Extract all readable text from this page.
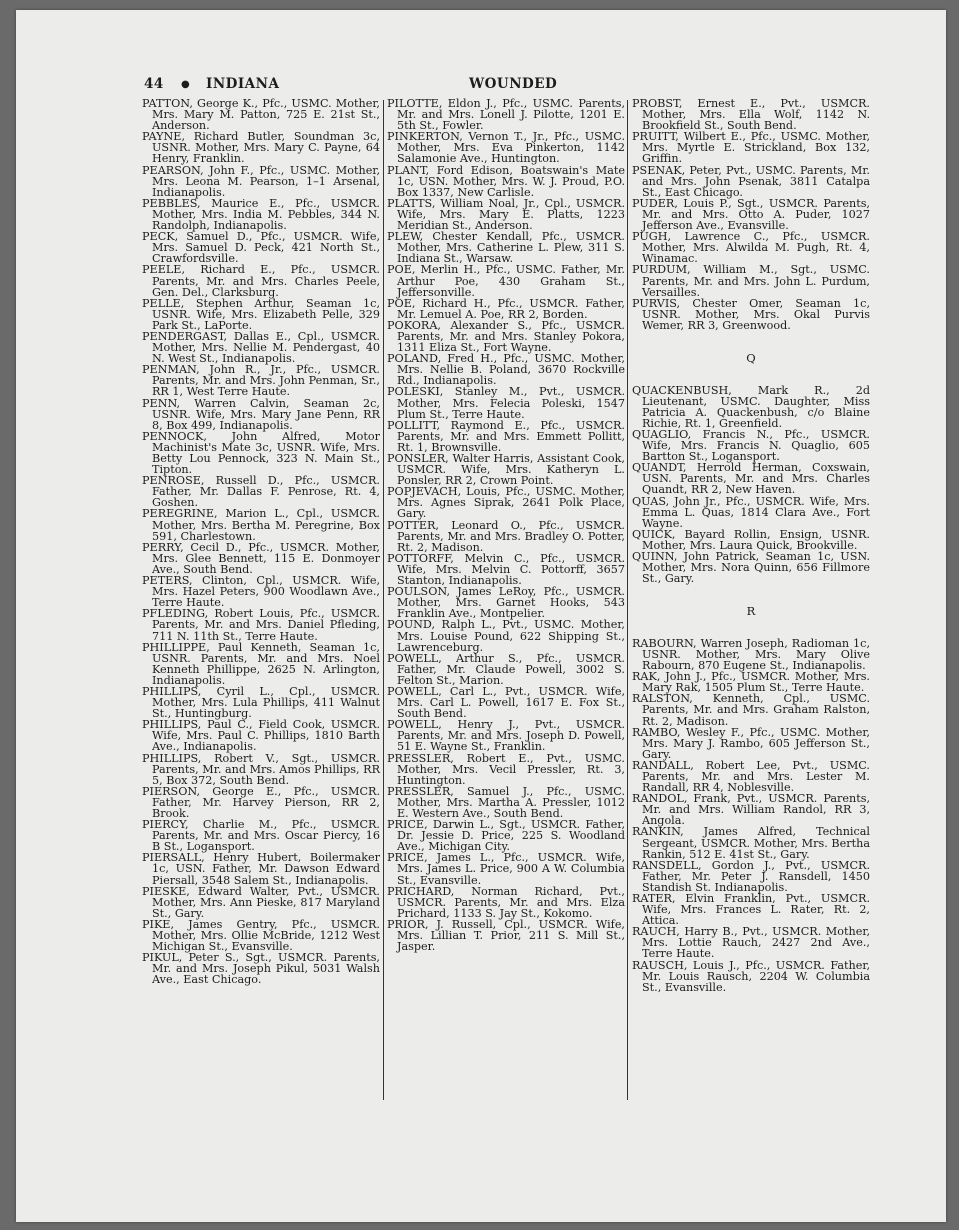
44 ● INDIANA	WOUNDED
PATTON, George K., Pfc., USMC. Mother, Mrs. Mary M. Patton, 725 E. 21st St., Anderson.
PAYNE, Richard Butler, Soundman 3c, USNR. Mother, Mrs. Mary C. Payne, 64 Henry, Franklin.
PEARSON, John F., Pfc., USMC. Mother, Mrs. Leona M. Pearson, 1–1 Arsenal, Indianapolis.
PEBBLES, Maurice E., Pfc., USMCR. Mother, Mrs. India M. Pebbles, 344 N. Randolph, Indianapolis.
PECK, Samuel D., Pfc., USMCR. Wife, Mrs. Samuel D. Peck, 421 North St., Crawfordsville.
PEELE, Richard E., Pfc., USMCR. Parents, Mr. and Mrs. Charles Peele, Gen. Del., Clarksburg.
PELLE, Stephen Arthur, Seaman 1c, USNR. Wife, Mrs. Elizabeth Pelle, 329 Park St., LaPorte.
PENDERGAST, Dallas E., Cpl., USMCR. Mother, Mrs. Nellie M. Pendergast, 40 N. West St., Indianapolis.
PENMAN, John R., Jr., Pfc., USMCR. Parents, Mr. and Mrs. John Penman, Sr., RR 1, West Terre Haute.
PENN, Warren Calvin, Seaman 2c, USNR. Wife, Mrs. Mary Jane Penn, RR 8, Box 499, Indianapolis.
PENNOCK, John Alfred, Motor Machinist's Mate 3c, USNR. Wife, Mrs. Betty Lou Pennock, 323 N. Main St., Tipton.
PENROSE, Russell D., Pfc., USMCR. Father, Mr. Dallas F. Penrose, Rt. 4, Goshen.
PEREGRINE, Marion L., Cpl., USMCR. Mother, Mrs. Bertha M. Peregrine, Box 591, Charlestown.
PERRY, Cecil D., Pfc., USMCR. Mother, Mrs. Glee Bennett, 115 E. Donmoyer Ave., South Bend.
PETERS, Clinton, Cpl., USMCR. Wife, Mrs. Hazel Peters, 900 Woodlawn Ave., Terre Haute.
PFLEDING, Robert Louis, Pfc., USMCR. Parents, Mr. and Mrs. Daniel Pfleding, 711 N. 11th St., Terre Haute.
PHILLIPPE, Paul Kenneth, Seaman 1c, USNR. Parents, Mr. and Mrs. Noel Kenneth Phillippe, 2625 N. Arlington, Indianapolis.
PHILLIPS, Cyril L., Cpl., USMCR. Mother, Mrs. Lula Phillips, 411 Walnut St., Huntingburg.
PHILLIPS, Paul C., Field Cook, USMCR. Wife, Mrs. Paul C. Phillips, 1810 Barth Ave., Indianapolis.
PHILLIPS, Robert V., Sgt., USMCR. Parents, Mr. and Mrs. Amos Phillips, RR 5, Box 372, South Bend.
PIERSON, George E., Pfc., USMCR. Father, Mr. Harvey Pierson, RR 2, Brook.
PIERCY, Charlie M., Pfc., USMCR. Parents, Mr. and Mrs. Oscar Piercy, 16 B St., Logansport.
PIERSALL, Henry Hubert, Boilermaker 1c, USN. Father, Mr. Dawson Edward Piersall, 3548 Salem St., Indianapolis.
PIESKE, Edward Walter, Pvt., USMCR. Mother, Mrs. Ann Pieske, 817 Maryland St., Gary.
PIKE, James Gentry, Pfc., USMCR. Mother, Mrs. Ollie McBride, 1212 West Michigan St., Evansville.
PIKUL, Peter S., Sgt., USMCR. Parents, Mr. and Mrs. Joseph Pikul, 5031 Walsh Ave., East Chicago.
PILOTTE, Eldon J., Pfc., USMC. Parents, Mr. and Mrs. Lonell J. Pilotte, 1201 E. 5th St., Fowler.
PINKERTON, Vernon T., Jr., Pfc., USMC. Mother, Mrs. Eva Pinkerton, 1142 Salamonie Ave., Huntington.
PLANT, Ford Edison, Boatswain's Mate 1c, USN. Mother, Mrs. W. J. Proud, P.O. Box 1337, New Carlisle.
PLATTS, William Noal, Jr., Cpl., USMCR. Wife, Mrs. Mary E. Platts, 1223 Meridian St., Anderson.
PLEW, Chester Kendall, Pfc., USMCR. Mother, Mrs. Catherine L. Plew, 311 S. Indiana St., Warsaw.
POE, Merlin H., Pfc., USMC. Father, Mr. Arthur Poe, 430 Graham St., Jeffersonville.
POE, Richard H., Pfc., USMCR. Father, Mr. Lemuel A. Poe, RR 2, Borden.
POKORA, Alexander S., Pfc., USMCR. Parents, Mr. and Mrs. Stanley Pokora, 1311 Eliza St., Fort Wayne.
POLAND, Fred H., Pfc., USMC. Mother, Mrs. Nellie B. Poland, 3670 Rockville Rd., Indianapolis.
POLESKI, Stanley M., Pvt., USMCR. Mother, Mrs. Felecia Poleski, 1547 Plum St., Terre Haute.
POLLITT, Raymond E., Pfc., USMCR. Parents, Mr. and Mrs. Emmett Pollitt, Rt. 1, Brownsville.
PONSLER, Walter Harris, Assistant Cook, USMCR. Wife, Mrs. Katheryn L. Ponsler, RR 2, Crown Point.
POPJEVACH, Louis, Pfc., USMC. Mother, Mrs. Agnes Siprak, 2641 Polk Place, Gary.
POTTER, Leonard O., Pfc., USMCR. Parents, Mr. and Mrs. Bradley O. Potter, Rt. 2, Madison.
POTTORFF, Melvin C., Pfc., USMCR. Wife, Mrs. Melvin C. Pottorff, 3657 Stanton, Indianapolis.
POULSON, James LeRoy, Pfc., USMCR. Mother, Mrs. Garnet Hooks, 543 Franklin Ave., Montpelier.
POUND, Ralph L., Pvt., USMC. Mother, Mrs. Louise Pound, 622 Shipping St., Lawrenceburg.
POWELL, Arthur S., Pfc., USMCR. Father, Mr. Claude Powell, 3002 S. Felton St., Marion.
POWELL, Carl L., Pvt., USMCR. Wife, Mrs. Carl L. Powell, 1617 E. Fox St., South Bend.
POWELL, Henry J., Pvt., USMCR. Parents, Mr. and Mrs. Joseph D. Powell, 51 E. Wayne St., Franklin.
PRESSLER, Robert E., Pvt., USMC. Mother, Mrs. Vecil Pressler, Rt. 3, Huntington.
PRESSLER, Samuel J., Pfc., USMC. Mother, Mrs. Martha A. Pressler, 1012 E. Western Ave., South Bend.
PRICE, Darwin L., Sgt., USMCR. Father, Dr. Jessie D. Price, 225 S. Woodland Ave., Michigan City.
PRICE, James L., Pfc., USMCR. Wife, Mrs. James L. Price, 900 A W. Columbia St., Evansville.
PRICHARD, Norman Richard, Pvt., USMCR. Parents, Mr. and Mrs. Elza Prichard, 1133 S. Jay St., Kokomo.
PRIOR, J. Russell, Cpl., USMCR. Wife, Mrs. Lillian T. Prior, 211 S. Mill St., Jasper.
PROBST, Ernest E., Pvt., USMCR. Mother, Mrs. Ella Wolf, 1142 N. Brookfield St., South Bend.
PRUITT, Wilbert E., Pfc., USMC. Mother, Mrs. Myrtle E. Strickland, Box 132, Griffin.
PSENAK, Peter, Pvt., USMC. Parents, Mr. and Mrs. John Psenak, 3811 Catalpa St., East Chicago.
PUDER, Louis P., Sgt., USMCR. Parents, Mr. and Mrs. Otto A. Puder, 1027 Jefferson Ave., Evansville.
PUGH, Lawrence C., Pfc., USMCR. Mother, Mrs. Alwilda M. Pugh, Rt. 4, Winamac.
PURDUM, William M., Sgt., USMC. Parents, Mr. and Mrs. John L. Purdum, Versailles.
PURVIS, Chester Omer, Seaman 1c, USNR. Mother, Mrs. Okal Purvis Wemer, RR 3, Greenwood.
Q
QUACKENBUSH, Mark R., 2d Lieutenant, USMC. Daughter, Miss Patricia A. Quackenbush, c/o Blaine Richie, Rt. 1, Greenfield.
QUAGLIO, Francis N., Pfc., USMCR. Wife, Mrs. Francis N. Quaglio, 605 Bartton St., Logansport.
QUANDT, Herrold Herman, Coxswain, USN. Parents, Mr. and Mrs. Charles Quandt, RR 2, New Haven.
QUAS, John Jr., Pfc., USMCR. Wife, Mrs. Emma L. Quas, 1814 Clara Ave., Fort Wayne.
QUICK, Bayard Rollin, Ensign, USNR. Mother, Mrs. Laura Quick, Brookville.
QUINN, John Patrick, Seaman 1c, USN. Mother, Mrs. Nora Quinn, 656 Fillmore St., Gary.
R
RABOURN, Warren Joseph, Radioman 1c, USNR. Mother, Mrs. Mary Olive Rabourn, 870 Eugene St., Indianapolis.
RAK, John J., Pfc., USMCR. Mother, Mrs. Mary Rak, 1505 Plum St., Terre Haute.
RALSTON, Kenneth, Cpl., USMC. Parents, Mr. and Mrs. Graham Ralston, Rt. 2, Madison.
RAMBO, Wesley F., Pfc., USMC. Mother, Mrs. Mary J. Rambo, 605 Jefferson St., Gary.
RANDALL, Robert Lee, Pvt., USMC. Parents, Mr. and Mrs. Lester M. Randall, RR 4, Noblesville.
RANDOL, Frank, Pvt., USMCR. Parents, Mr. and Mrs. William Randol, RR 3, Angola.
RANKIN, James Alfred, Technical Sergeant, USMCR. Mother, Mrs. Bertha Rankin, 512 E. 41st St., Gary.
RANSDELL, Gordon J., Pvt., USMCR. Father, Mr. Peter J. Ransdell, 1450 Standish St. Indianapolis.
RATER, Elvin Franklin, Pvt., USMCR. Wife, Mrs. Frances L. Rater, Rt. 2, Attica.
RAUCH, Harry B., Pvt., USMCR. Mother, Mrs. Lottie Rauch, 2427 2nd Ave., Terre Haute.
RAUSCH, Louis J., Pfc., USMCR. Father, Mr. Louis Rausch, 2204 W. Columbia St., Evansville.
